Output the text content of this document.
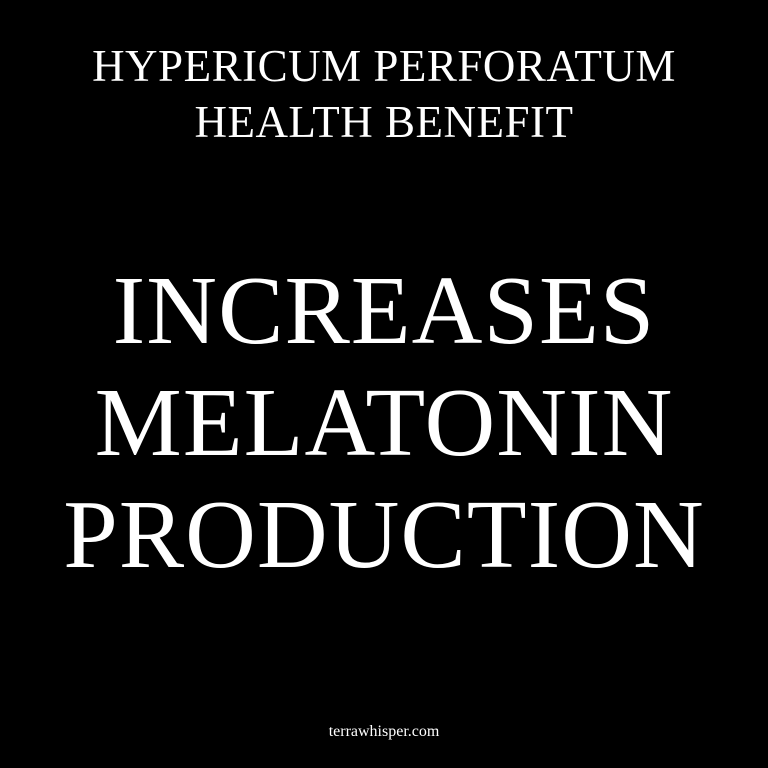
HYPERICUM PERFORATUM
HEALTH BENEFIT
INCREASES
MELATONIN
PRODUCTION
terrawhisper.com
